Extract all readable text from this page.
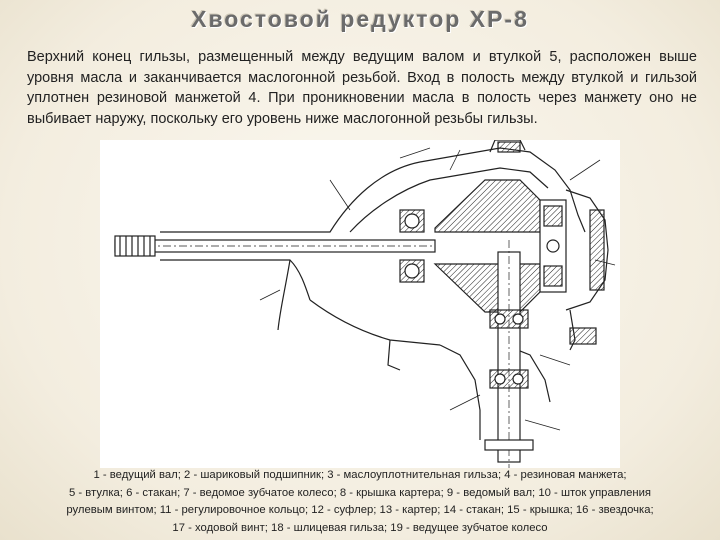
Хвостовой редуктор ХР-8
Верхний конец гильзы, размещенный между ведущим валом и втулкой 5, расположен выше уровня масла и заканчивается маслогонной резьбой. Вход в полость между втулкой и гильзой уплотнен резиновой манжетой 4. При проникновении масла в полость через манжету оно не выбивает наружу, поскольку его уровень ниже маслогонной резьбы гильзы.
1 - ведущий вал; 2 - шариковый подшипник; 3 - маслоуплотнительная гильза; 4 - резиновая манжета;
5 - втулка; 6 - стакан; 7 - ведомое зубчатое колесо; 8 - крышка картера; 9 - ведомый вал; 10 - шток управления
рулевым винтом; 11 - регулировочное кольцо; 12 - суфлер; 13 - картер; 14 - стакан; 15 - крышка; 16 - звездочка;
17 - ходовой винт; 18 - шлицевая гильза; 19 - ведущее зубчатое колесо
